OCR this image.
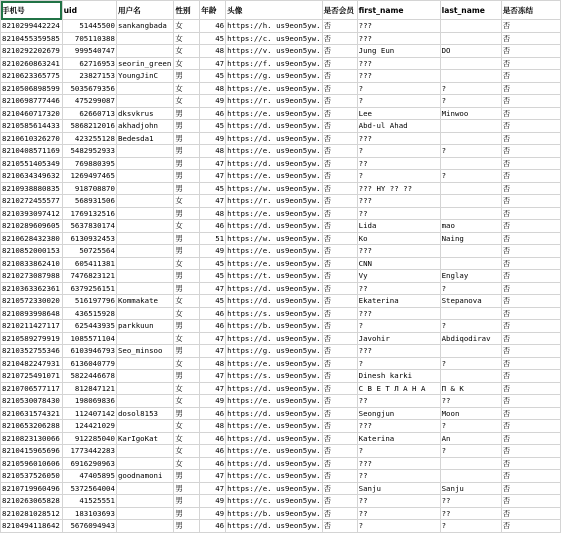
手机号	uid	用户名	性别	年龄	头像	是否会员	first_name	last_name	是否冻结
8210299442224	51445500	sankangbada	女	46	https://h. us9eon5yw.	否	???		否
8210455359585	705110388		女	45	https://c. us9eon5yw.	否	???		否
8210292202679	999540747		女	48	https://v. us9eon5yw.	否	Jung Eun	DO	否
8210260863241	62716953	seorin_green	女	47	https://f. us9eon5yw.	否	???		否
8210623365775	23827153	YoungJinC	男	45	https://g. us9eon5yw.	否	???		否
8210506898599	5035679356		女	48	https://e. us9eon5yw.	否	?	?	否
8210698777446	475299087		女	49	https://r. us9eon5yw.	否	?	?	否
8210460717320	62660713	dksvkrus	男	46	https://e. us9eon5yw.	否	Lee	Minwoo	否
8210585614433	5868212016	akhadjohn	男	45	https://d. us9eon5yw.	否	Abd-ul Ahad		否
8210610326270	423255128	Bedesda1	男	49	https://d. us9eon5yw.	否	???		否
8210408571169	5482952933		男	48	https://e. us9eon5yw.	否	?	?	否
8210551405349	769880395		男	47	https://d. us9eon5yw.	否	??		否
8210634349632	1269497465		男	47	https://e. us9eon5yw.	否	?	?	否
8210938880835	918708870		男	45	https://w. us9eon5yw.	否	??? HY ?? ??		否
8210272455577	568931506		女	47	https://r. us9eon5yw.	否	???		否
8210393097412	1769132516		男	48	https://e. us9eon5yw.	否	??		否
8210289609605	5637830174		女	46	https://d. us9eon5yw.	否	Lida	mao	否
8210628432380	6130932453		男	51	https://w. us9eon5yw.	否	Ko	Naing	否
8210852000153	50725564		男	49	https://e. us9eon5yw.	否	???		否
8210833862410	605411381		女	45	https://e. us9eon5yw.	否	CNN		否
8210273087988	7476823121		男	45	https://t. us9eon5yw.	否	Vy	Englay	否
8210363362361	6379256151		男	47	https://d. us9eon5yw.	否	??	?	否
8210572330020	516197796	Kommakate	女	45	https://d. us9eon5yw.	否	Ekaterina	Stepanova	否
8210893998648	436515928		女	46	https://s. us9eon5yw.	否	???		否
8210211427117	625443935	parkkuun	男	46	https://b. us9eon5yw.	否	?	?	否
8210589279919	1085571104		女	47	https://d. us9eon5yw.	否	Javohir	Abdiqodirav	否
8210352755346	6103946793	Seo_minsoo	男	47	https://g. us9eon5yw.	否	???		否
8210482247931	6136040779		女	48	https://e. us9eon5yw.	否	?	?	否
8210725491071	5822446678		男	47	https://s. us9eon5yw.	否	Dinesh karki		否
8210706577117	812847121		女	47	https://d. us9eon5yw.	否	С В Е Т Л А Н А	П & К	否
8210530078430	198069836		女	49	https://e. us9eon5yw.	否	??	??	否
8210631574321	112407142	dosol8153	男	46	https://d. us9eon5yw.	否	Seongjun	Moon	否
8210653206288	124421029		女	48	https://e. us9eon5yw.	否	???	?	否
8210823130066	912285040	KarIgoKat	女	46	https://d. us9eon5yw.	否	Katerina	An	否
8210415965696	1773442283		女	46	https://e. us9eon5yw.	否	?	?	否
8210596010606	6916290963		女	46	https://d. us9eon5yw.	否	???		否
8210537526050	47405895	goodnamoni	男	47	https://c. us9eon5yw.	否	??		否
8210719960496	5372564004		男	47	https://e. us9eon5yw.	否	Sanju	Sanju	否
8210263065828	41525551		男	49	https://c. us9eon5yw.	否	??	??	否
8210281028512	183103693		男	49	https://b. us9eon5yw.	否	??	??	否
8210494118642	5676094943		男	46	https://d. us9eon5yw.	否	?	?	否
